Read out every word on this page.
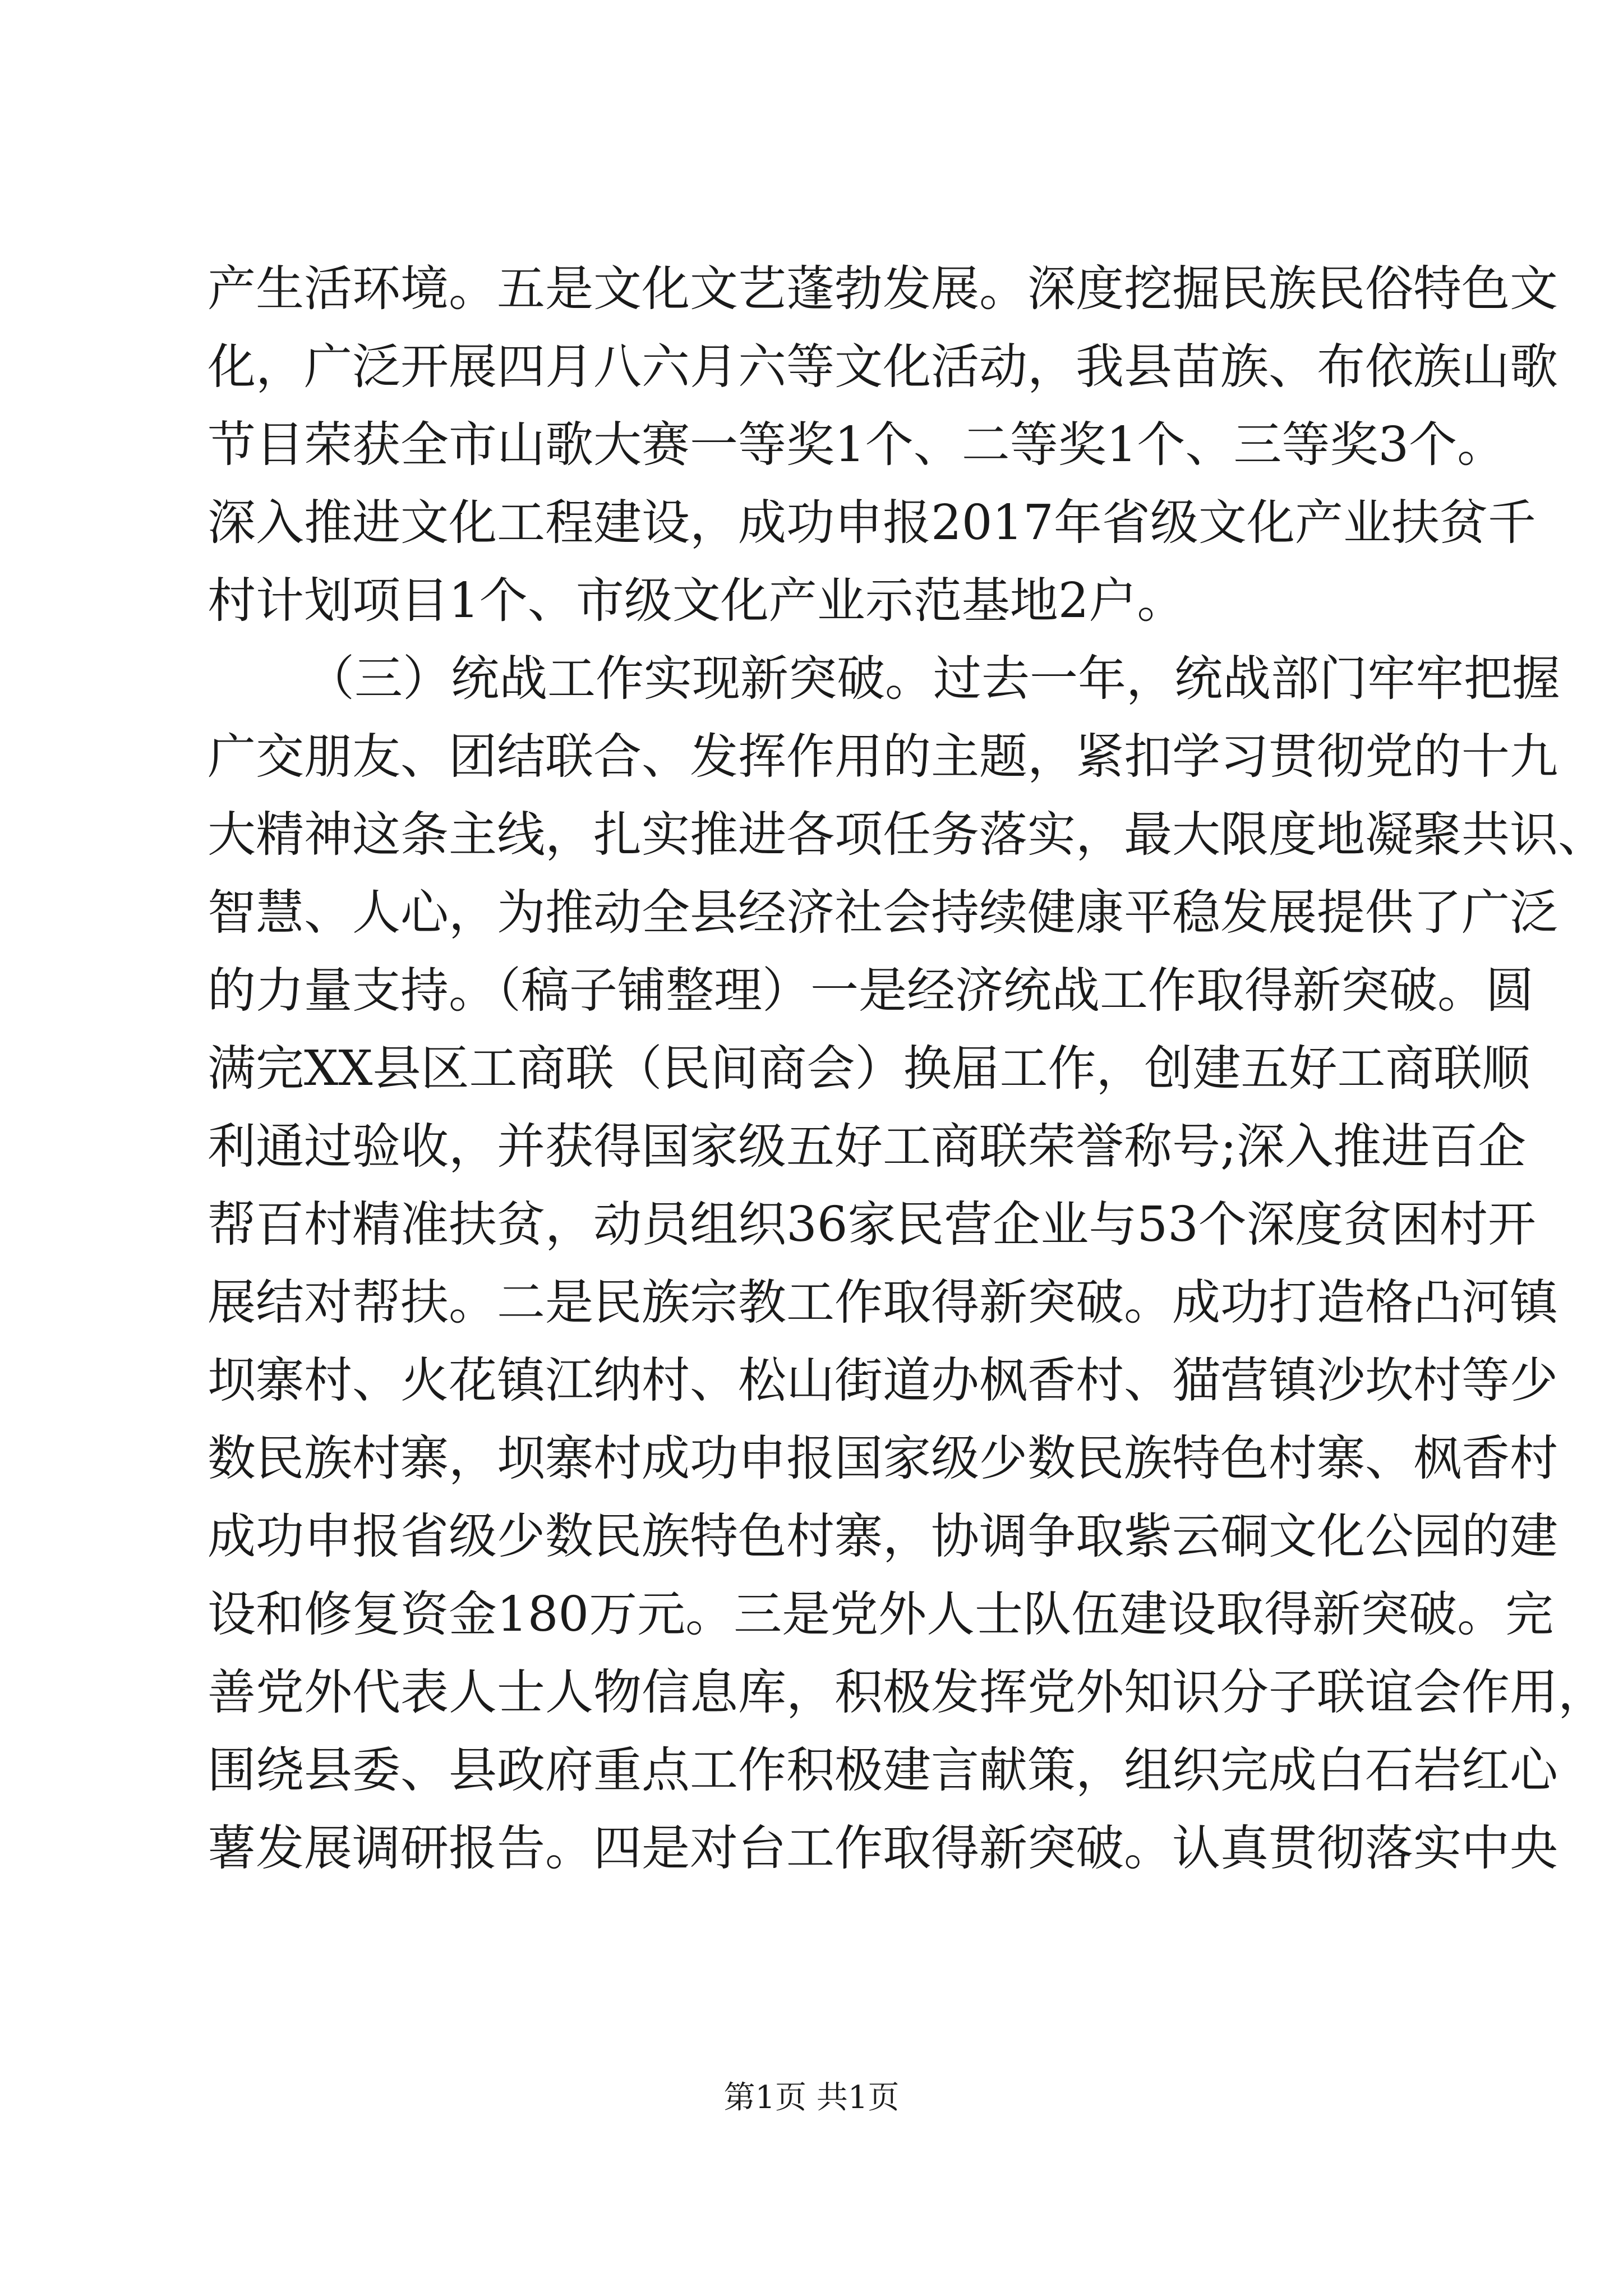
产生活环境。五是文化文艺蓬勃发展。深度挖掘民族民俗特色文
化，广泛开展四月八六月六等文化活动，我县苗族、布依族山歌
节目荣获全市山歌大赛一等奖1个、二等奖1个、三等奖3个。
深入推进文化工程建设，成功申报2017年省级文化产业扶贫千
村计划项目1个、市级文化产业示范基地2户。
（三）统战工作实现新突破。过去一年，统战部门牢牢把握
广交朋友、团结联合、发挥作用的主题，紧扣学习贯彻党的十九
大精神这条主线，扎实推进各项任务落实，最大限度地凝聚共识、
智慧、人心，为推动全县经济社会持续健康平稳发展提供了广泛
的力量支持。（稿子铺整理）一是经济统战工作取得新突破。圆
满完XX县区工商联（民间商会）换届工作，创建五好工商联顺
利通过验收，并获得国家级五好工商联荣誉称号;深入推进百企
帮百村精准扶贫，动员组织36家民营企业与53个深度贫困村开
展结对帮扶。二是民族宗教工作取得新突破。成功打造格凸河镇
坝寨村、火花镇江纳村、松山街道办枫香村、猫营镇沙坎村等少
数民族村寨，坝寨村成功申报国家级少数民族特色村寨、枫香村
成功申报省级少数民族特色村寨，协调争取紫云硐文化公园的建
设和修复资金180万元。三是党外人士队伍建设取得新突破。完
善党外代表人士人物信息库，积极发挥党外知识分子联谊会作用，
围绕县委、县政府重点工作积极建言献策，组织完成白石岩红心
薯发展调研报告。四是对台工作取得新突破。认真贯彻落实中央
第1页 共1页
